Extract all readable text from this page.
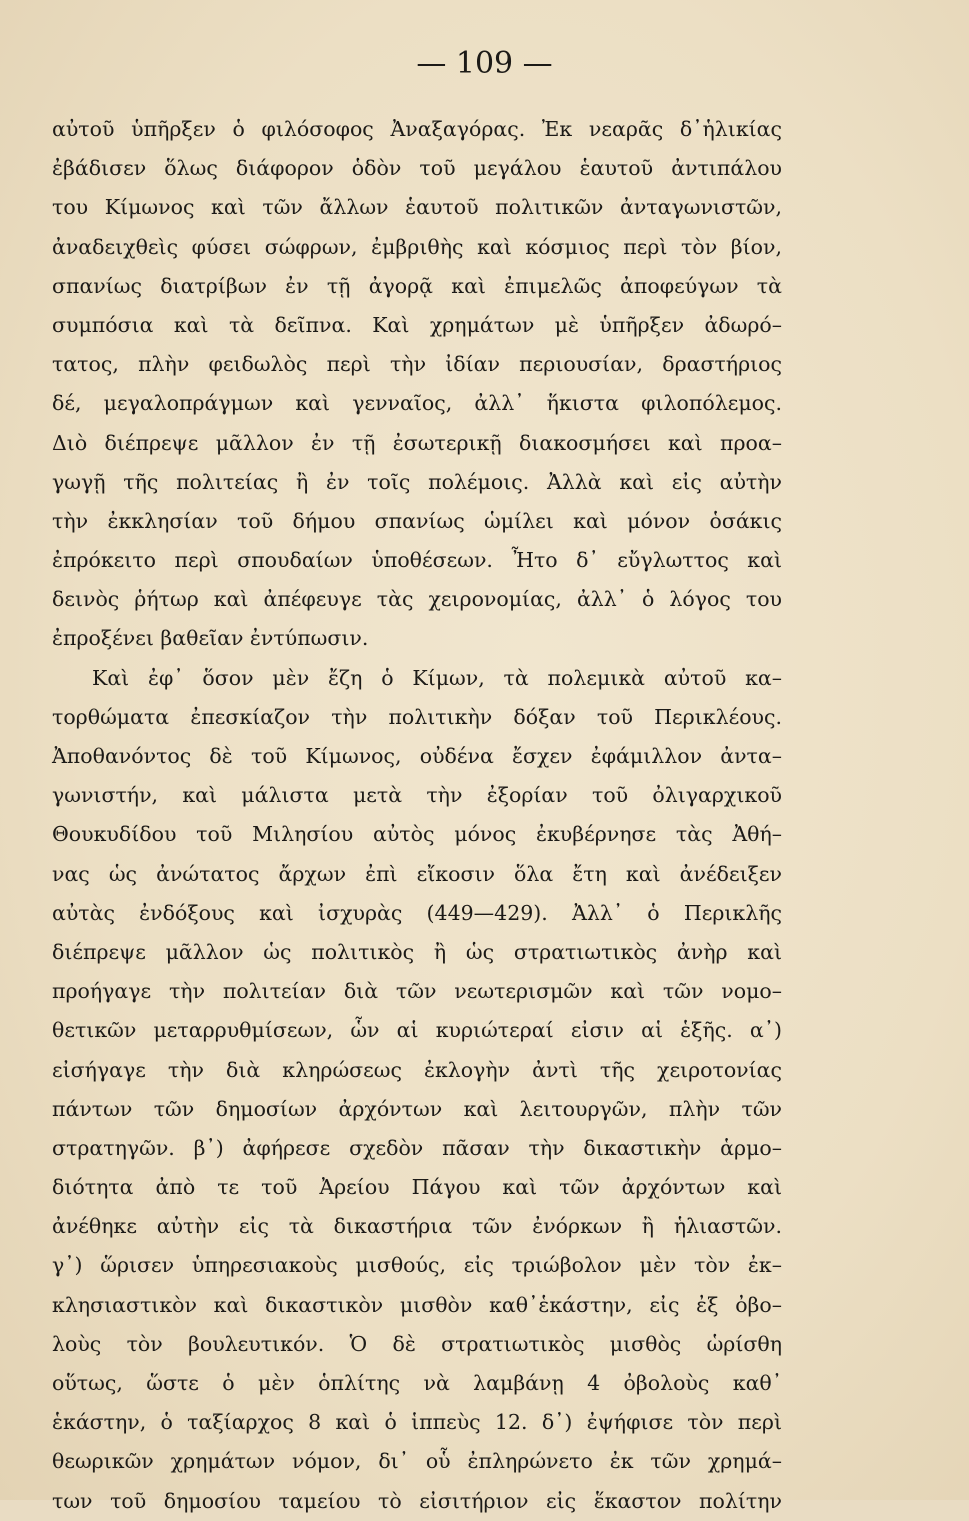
— 109 —
αὐτοῦ ὑπῆρξεν ὁ φιλόσοφος Ἀναξαγόρας. Ἐκ νεαρᾶς δ᾽ἡλικίας
ἐβάδισεν ὅλως διάφορον ὁδὸν τοῦ μεγάλου ἑαυτοῦ ἀντιπάλου
του Κίμωνος καὶ τῶν ἄλλων ἑαυτοῦ πολιτικῶν ἀνταγωνιστῶν,
ἀναδειχθεὶς φύσει σώφρων, ἐμβριθὴς καὶ κόσμιος περὶ τὸν βίον,
σπανίως διατρίβων ἐν τῇ ἀγορᾷ καὶ ἐπιμελῶς ἀποφεύγων τὰ
συμπόσια καὶ τὰ δεῖπνα. Καὶ χρημάτων μὲ ὑπῆρξεν ἀδωρό–
τατος, πλὴν φειδωλὸς περὶ τὴν ἰδίαν περιουσίαν, δραστήριος
δέ, μεγαλοπράγμων καὶ γενναῖος, ἀλλ᾽ ἥκιστα φιλοπόλεμος.
Διὸ διέπρεψε μᾶλλον ἐν τῇ ἐσωτερικῇ διακοσμήσει καὶ προα–
γωγῇ τῆς πολιτείας ἢ ἐν τοῖς πολέμοις. Ἀλλὰ καὶ εἰς αὐτὴν
τὴν ἐκκλησίαν τοῦ δήμου σπανίως ὡμίλει καὶ μόνον ὁσάκις
ἐπρόκειτο περὶ σπουδαίων ὑποθέσεων. Ἦτο δ᾽ εὔγλωττος καὶ
δεινὸς ῥήτωρ καὶ ἀπέφευγε τὰς χειρονομίας, ἀλλ᾽ ὁ λόγος του
ἐπροξένει βαθεῖαν ἐντύπωσιν.
Καὶ ἐφ᾽ ὅσον μὲν ἔζη ὁ Κίμων, τὰ πολεμικὰ αὐτοῦ κα–
τορθώματα ἐπεσκίαζον τὴν πολιτικὴν δόξαν τοῦ Περικλέους.
Ἀποθανόντος δὲ τοῦ Κίμωνος, οὐδένα ἔσχεν ἐφάμιλλον ἀντα–
γωνιστήν, καὶ μάλιστα μετὰ τὴν ἐξορίαν τοῦ ὀλιγαρχικοῦ
Θουκυδίδου τοῦ Μιλησίου αὐτὸς μόνος ἐκυβέρνησε τὰς Ἀθή–
νας ὡς ἀνώτατος ἄρχων ἐπὶ εἴκοσιν ὅλα ἔτη καὶ ἀνέδειξεν
αὐτὰς ἐνδόξους καὶ ἰσχυρὰς (449—429). Ἀλλ᾽ ὁ Περικλῆς
διέπρεψε μᾶλλον ὡς πολιτικὸς ἢ ὡς στρατιωτικὸς ἀνὴρ καὶ
προήγαγε τὴν πολιτείαν διὰ τῶν νεωτερισμῶν καὶ τῶν νομο–
θετικῶν μεταρρυθμίσεων, ὧν αἱ κυριώτεραί εἰσιν αἱ ἑξῆς. α᾽)
εἰσήγαγε τὴν διὰ κληρώσεως ἐκλογὴν ἀντὶ τῆς χειροτονίας
πάντων τῶν δημοσίων ἀρχόντων καὶ λειτουργῶν, πλὴν τῶν
στρατηγῶν. β᾽) ἀφήρεσε σχεδὸν πᾶσαν τὴν δικαστικὴν ἁρμο–
διότητα ἀπὸ τε τοῦ Ἀρείου Πάγου καὶ τῶν ἀρχόντων καὶ
ἀνέθηκε αὐτὴν εἰς τὰ δικαστήρια τῶν ἐνόρκων ἢ ἡλιαστῶν.
γ᾽) ὥρισεν ὑπηρεσιακοὺς μισθούς, εἰς τριώβολον μὲν τὸν ἐκ–
κλησιαστικὸν καὶ δικαστικὸν μισθὸν καθ᾽ἑκάστην, εἰς ἐξ ὀβο–
λοὺς τὸν βουλευτικόν. Ὁ δὲ στρατιωτικὸς μισθὸς ὡρίσθη
οὕτως, ὥστε ὁ μὲν ὁπλίτης νὰ λαμβάνῃ 4 ὀβολοὺς καθ᾽
ἑκάστην, ὁ ταξίαρχος 8 καὶ ὁ ἱππεὺς 12. δ᾽) ἐψήφισε τὸν περὶ
θεωρικῶν χρημάτων νόμον, δι᾽ οὗ ἐπληρώνετο ἐκ τῶν χρημά–
των τοῦ δημοσίου ταμείου τὸ εἰσιτήριον εἰς ἕκαστον πολίτην
